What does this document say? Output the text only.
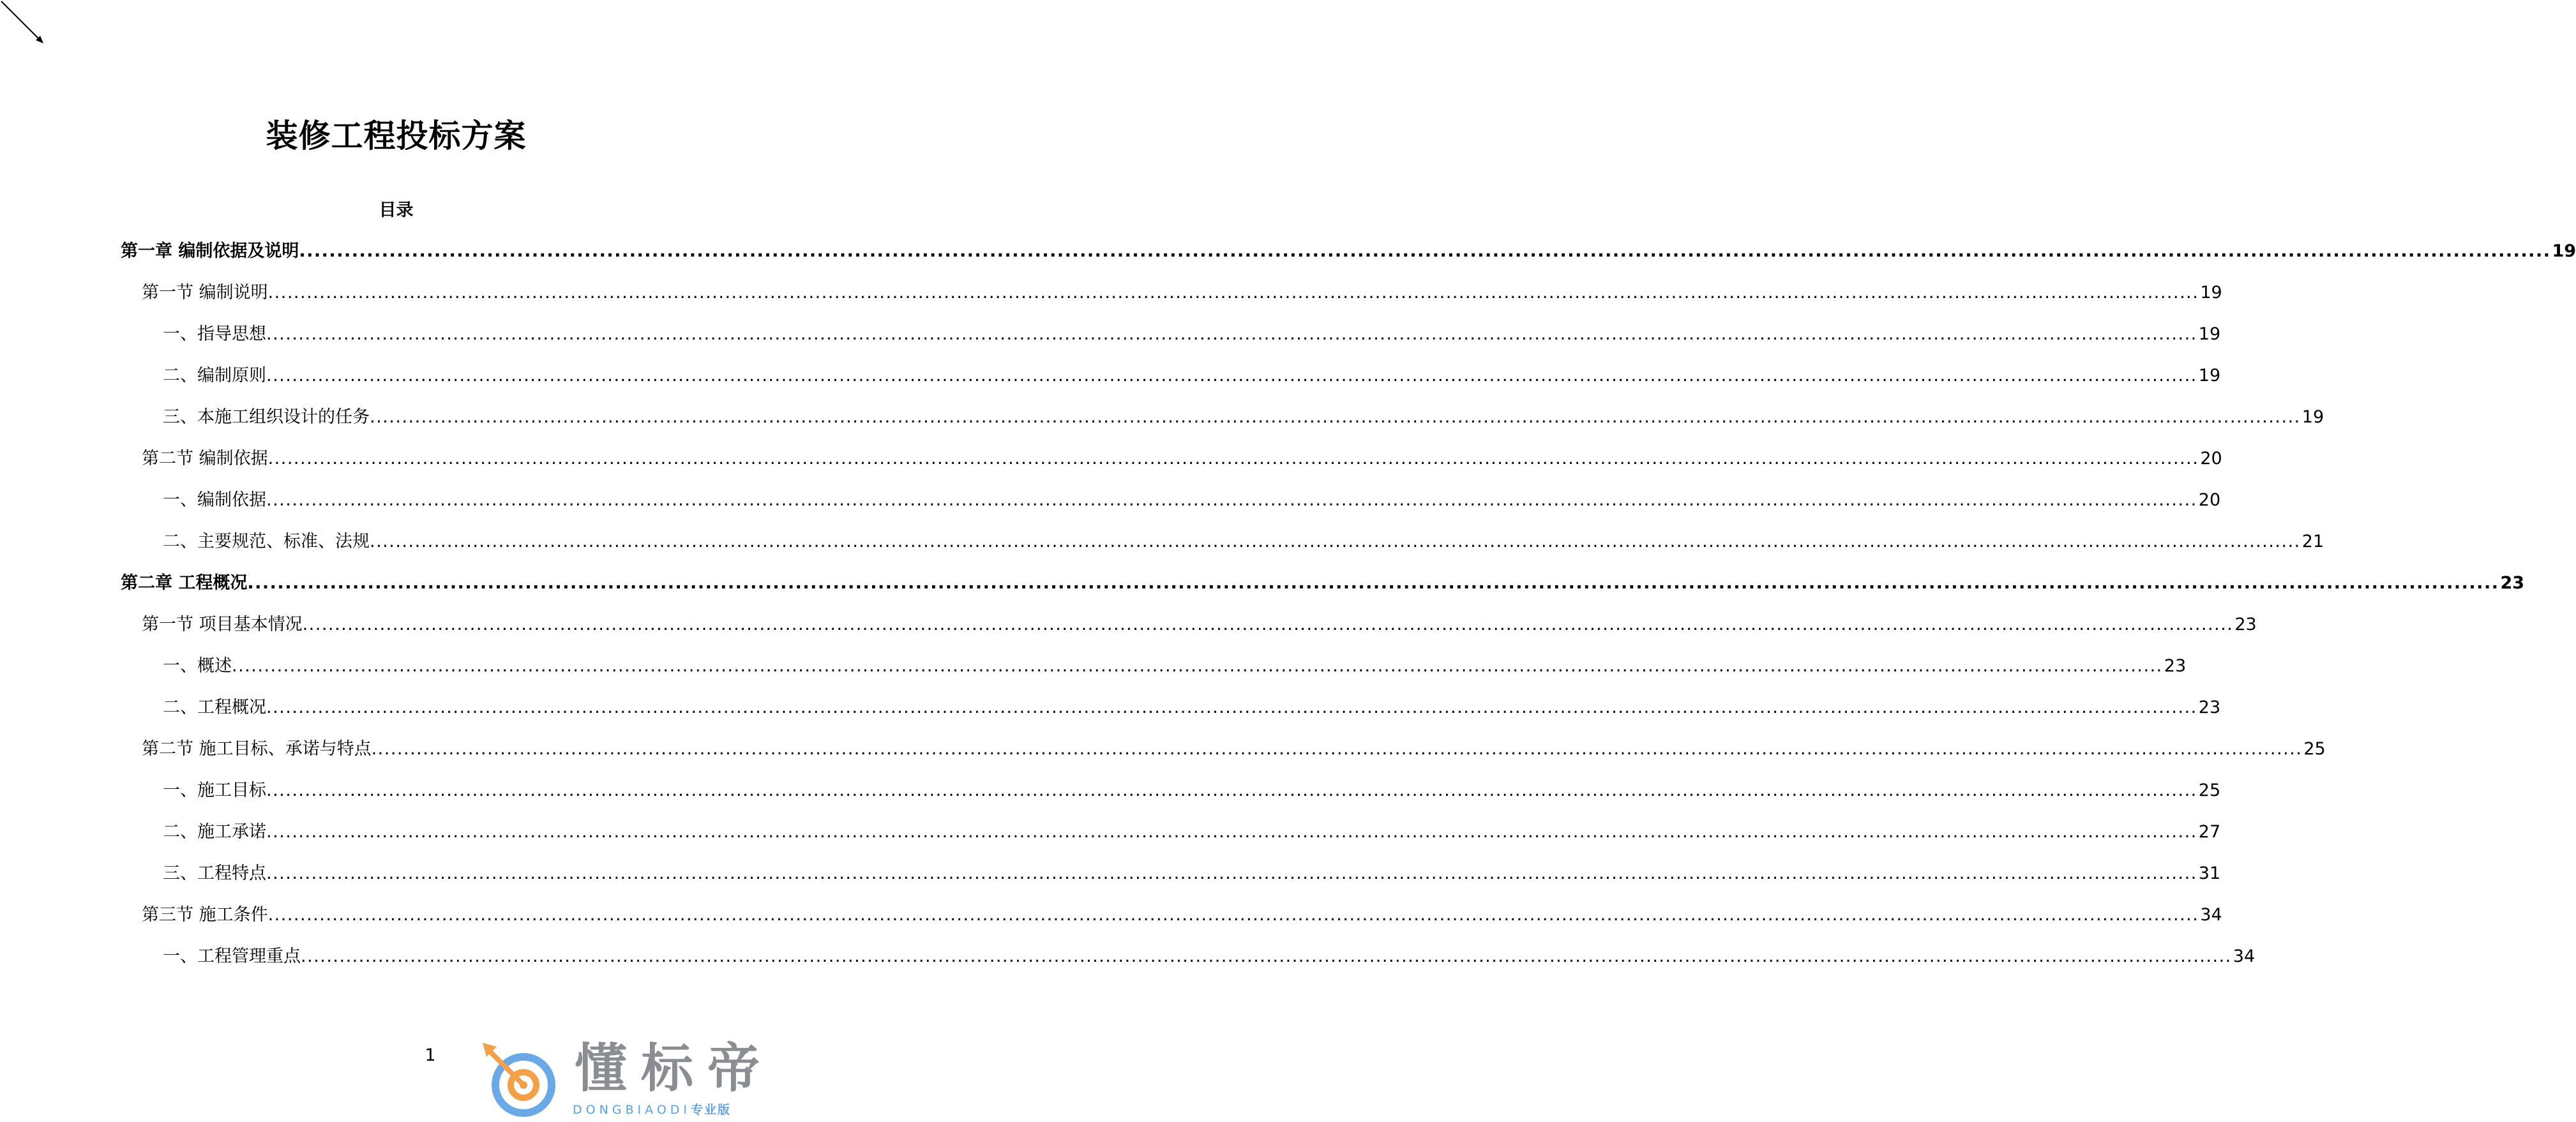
装修工程投标方案
目录
第一章 编制依据及说明 ............................................................................................................................................................................................................................................................................................................ 19
第一节 编制说明 ............................................................................................................................................................................................................................................................................................................ 19
一、指导思想 ............................................................................................................................................................................................................................................................................................................ 19
二、编制原则 ............................................................................................................................................................................................................................................................................................................ 19
三、本施工组织设计的任务 ............................................................................................................................................................................................................................................................................................................ 19
第二节 编制依据 ............................................................................................................................................................................................................................................................................................................ 20
一、编制依据 ............................................................................................................................................................................................................................................................................................................ 20
二、主要规范、标准、法规 ............................................................................................................................................................................................................................................................................................................ 21
第二章 工程概况 ............................................................................................................................................................................................................................................................................................................ 23
第一节 项目基本情况 ............................................................................................................................................................................................................................................................................................................ 23
一、概述 ............................................................................................................................................................................................................................................................................................................ 23
二、工程概况 ............................................................................................................................................................................................................................................................................................................ 23
第二节 施工目标、承诺与特点 ............................................................................................................................................................................................................................................................................................................ 25
一、施工目标 ............................................................................................................................................................................................................................................................................................................ 25
二、施工承诺 ............................................................................................................................................................................................................................................................................................................ 27
三、工程特点 ............................................................................................................................................................................................................................................................................................................ 31
第三节 施工条件 ............................................................................................................................................................................................................................................................................................................ 34
一、工程管理重点 ............................................................................................................................................................................................................................................................................................................ 34
1	懂标帝
DONGBIAODI专业版
